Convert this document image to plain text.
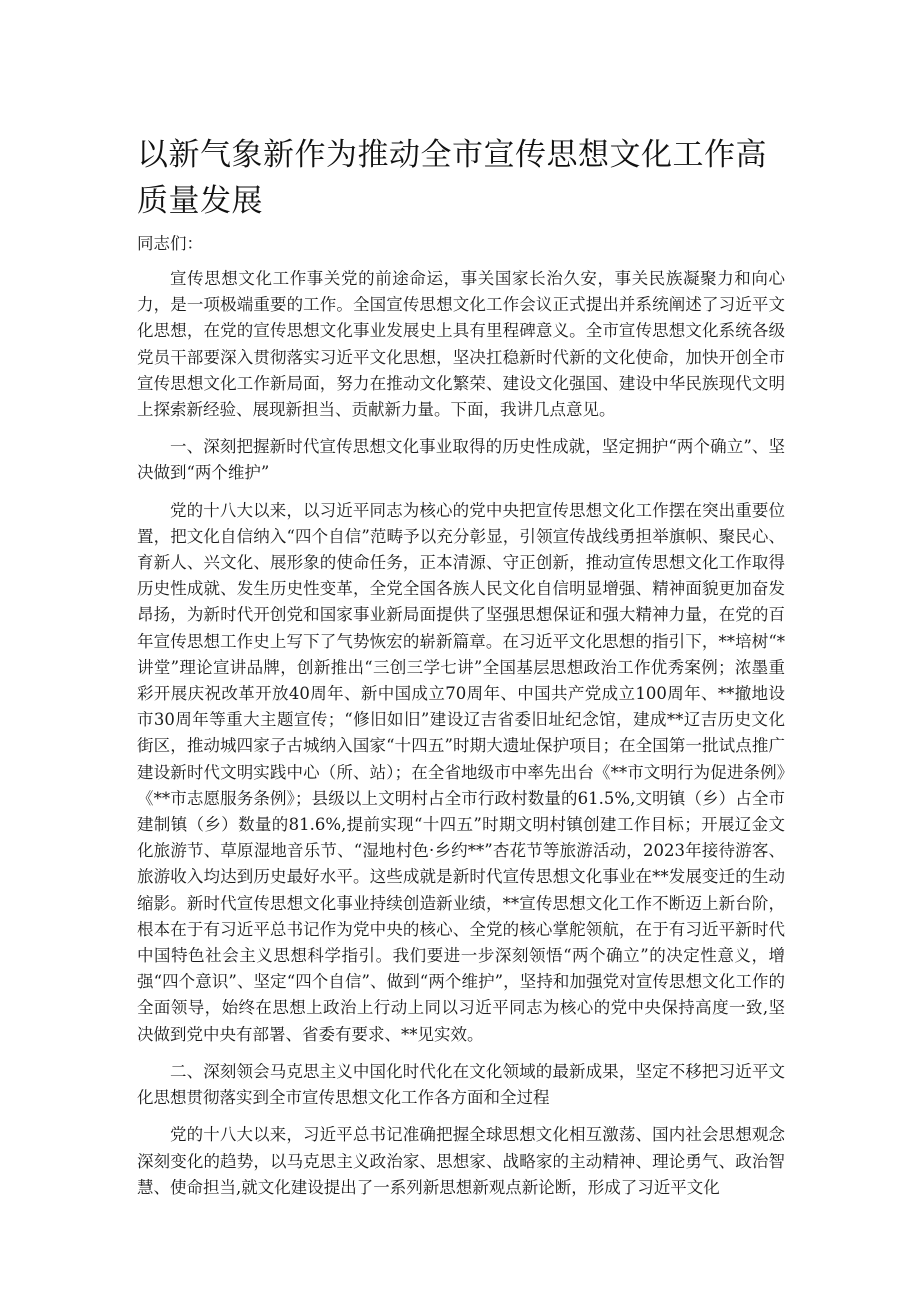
以新气象新作为推动全市宣传思想文化工作高质量发展

同志们：

宣传思想文化工作事关党的前途命运，事关国家长治久安，事关民族凝聚力和向心力，是一项极端重要的工作。全国宣传思想文化工作会议正式提出并系统阐述了习近平文化思想，在党的宣传思想文化事业发展史上具有里程碑意义。全市宣传思想文化系统各级党员干部要深入贯彻落实习近平文化思想，坚决扛稳新时代新的文化使命，加快开创全市宣传思想文化工作新局面，努力在推动文化繁荣、建设文化强国、建设中华民族现代文明上探索新经验、展现新担当、贡献新力量。下面，我讲几点意见。

一、深刻把握新时代宣传思想文化事业取得的历史性成就，坚定拥护“两个确立”、坚决做到“两个维护”

党的十八大以来，以习近平同志为核心的党中央把宣传思想文化工作摆在突出重要位置，把文化自信纳入“四个自信”范畴予以充分彰显，引领宣传战线勇担举旗帜、聚民心、育新人、兴文化、展形象的使命任务，正本清源、守正创新，推动宣传思想文化工作取得历史性成就、发生历史性变革，全党全国各族人民文化自信明显增强、精神面貌更加奋发昂扬，为新时代开创党和国家事业新局面提供了坚强思想保证和强大精神力量，在党的百年宣传思想工作史上写下了气势恢宏的崭新篇章。在习近平文化思想的指引下，**培树“*讲堂”理论宣讲品牌，创新推出“三创三学七讲”全国基层思想政治工作优秀案例；浓墨重彩开展庆祝改革开放40周年、新中国成立70周年、中国共产党成立100周年、**撤地设市30周年等重大主题宣传；“修旧如旧”建设辽吉省委旧址纪念馆，建成**辽吉历史文化街区，推动城四家子古城纳入国家“十四五”时期大遗址保护项目；在全国第一批试点推广建设新时代文明实践中心（所、站）；在全省地级市中率先出台《**市文明行为促进条例》《**市志愿服务条例》；县级以上文明村占全市行政村数量的61.5%,文明镇（乡）占全市建制镇（乡）数量的81.6%,提前实现“十四五”时期文明村镇创建工作目标；开展辽金文化旅游节、草原湿地音乐节、“湿地村色·乡约**”杏花节等旅游活动，2023年接待游客、旅游收入均达到历史最好水平。这些成就是新时代宣传思想文化事业在**发展变迁的生动缩影。新时代宣传思想文化事业持续创造新业绩，**宣传思想文化工作不断迈上新台阶，根本在于有习近平总书记作为党中央的核心、全党的核心掌舵领航，在于有习近平新时代中国特色社会主义思想科学指引。我们要进一步深刻领悟“两个确立”的决定性意义，增强“四个意识”、坚定“四个自信”、做到“两个维护”，坚持和加强党对宣传思想文化工作的全面领导，始终在思想上政治上行动上同以习近平同志为核心的党中央保持高度一致,坚决做到党中央有部署、省委有要求、**见实效。

二、深刻领会马克思主义中国化时代化在文化领域的最新成果，坚定不移把习近平文化思想贯彻落实到全市宣传思想文化工作各方面和全过程

党的十八大以来，习近平总书记准确把握全球思想文化相互激荡、国内社会思想观念深刻变化的趋势，以马克思主义政治家、思想家、战略家的主动精神、理论勇气、政治智慧、使命担当,就文化建设提出了一系列新思想新观点新论断，形成了习近平文化
